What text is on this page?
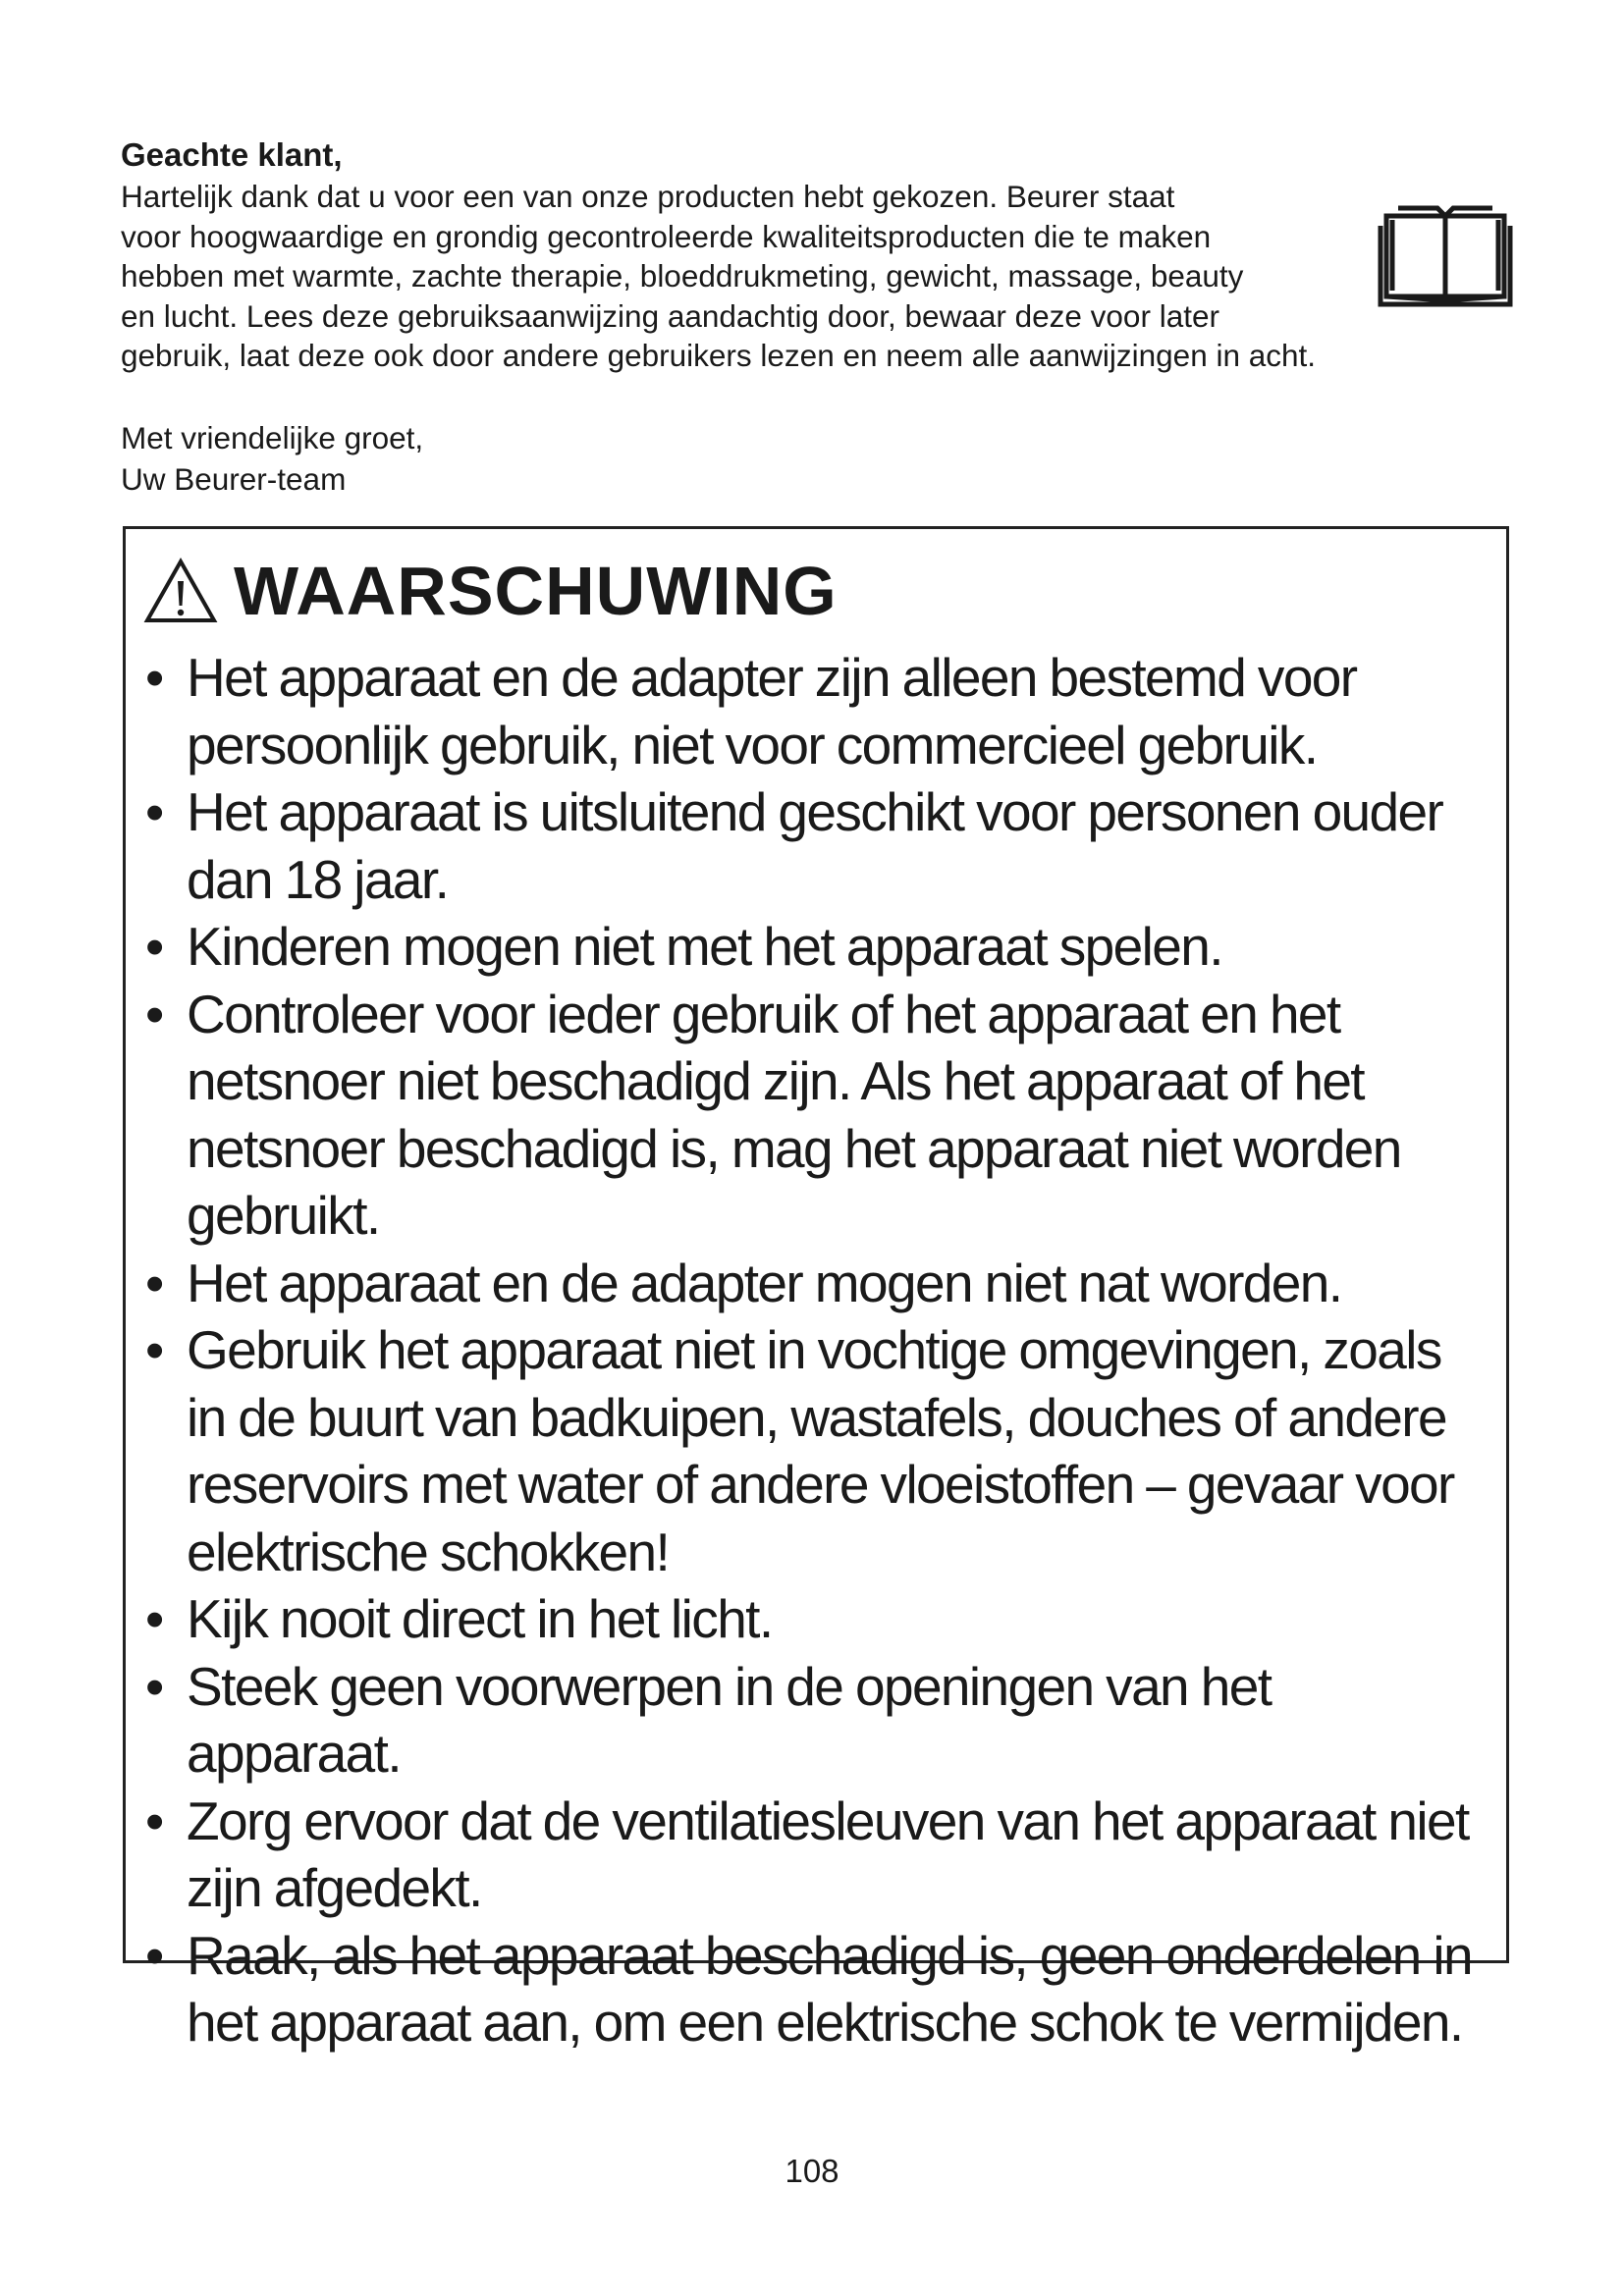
Geachte klant,

Hartelijk dank dat u voor een van onze producten hebt gekozen. Beurer staat
voor hoogwaardige en grondig gecontroleerde kwaliteitsproducten die te maken
hebben met warmte, zachte therapie, bloeddrukmeting, gewicht, massage, beauty
en lucht. Lees deze gebruiksaanwijzing aandachtig door, bewaar deze voor later
gebruik, laat deze ook door andere gebruikers lezen en neem alle aanwijzingen in acht.

Met vriendelijke groet,
Uw Beurer-team
WAARSCHUWING
• Het apparaat en de adapter zijn alleen bestemd voor persoonlijk gebruik, niet voor commercieel gebruik.
• Het apparaat is uitsluitend geschikt voor personen ouder dan 18 jaar.
• Kinderen mogen niet met het apparaat spelen.
• Controleer voor ieder gebruik of het apparaat en het netsnoer niet beschadigd zijn. Als het apparaat of het netsnoer beschadigd is, mag het apparaat niet worden gebruikt.
• Het apparaat en de adapter mogen niet nat worden.
• Gebruik het apparaat niet in vochtige omgevingen, zoals in de buurt van badkuipen, wastafels, douches of andere reservoirs met water of andere vloeistoffen – gevaar voor elektrische schokken!
• Kijk nooit direct in het licht.
• Steek geen voorwerpen in de openingen van het apparaat.
• Zorg ervoor dat de ventilatiesleuven van het apparaat niet zijn afgedekt.
• Raak, als het apparaat beschadigd is, geen onderdelen in het apparaat aan, om een elektrische schok te vermijden.
108
